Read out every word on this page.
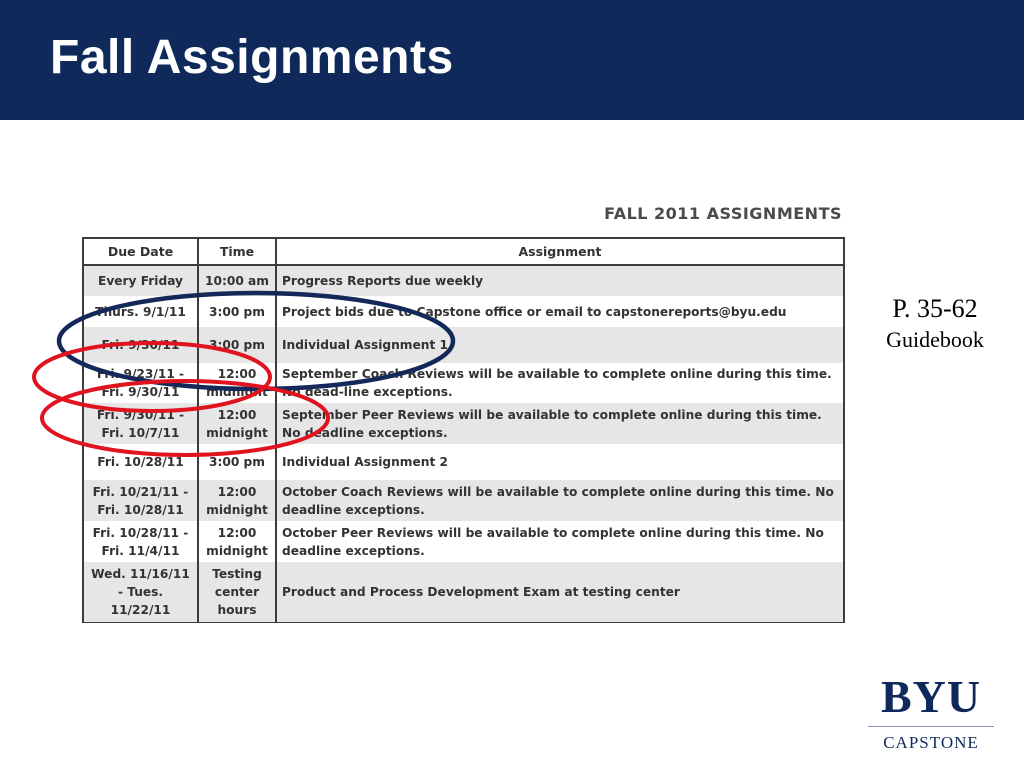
Fall Assignments
FALL 2011 ASSIGNMENTS
Due Date	Time	Assignment
Every Friday	10:00 am	Progress Reports due weekly
Thurs. 9/1/11	3:00 pm	Project bids due to Capstone office or email to capstonereports@byu.edu
Fri. 9/30/11	3:00 pm	Individual Assignment 1
Fri. 9/23/11 - Fri. 9/30/11	12:00 midnight	September Coach Reviews will be available to complete online during this time. No dead-line exceptions.
Fri. 9/30/11 - Fri. 10/7/11	12:00 midnight	September Peer Reviews will be available to complete online during this time. No deadline exceptions.
Fri. 10/28/11	3:00 pm	Individual Assignment 2
Fri. 10/21/11 - Fri. 10/28/11	12:00 midnight	October Coach Reviews will be available to complete online during this time. No deadline exceptions.
Fri. 10/28/11 - Fri. 11/4/11	12:00 midnight	October Peer Reviews will be available to complete online during this time. No deadline exceptions.
Wed. 11/16/11 - Tues. 11/22/11	Testing center hours	Product and Process Development Exam at testing center
P. 35-62
Guidebook
BYU
CAPSTONE
